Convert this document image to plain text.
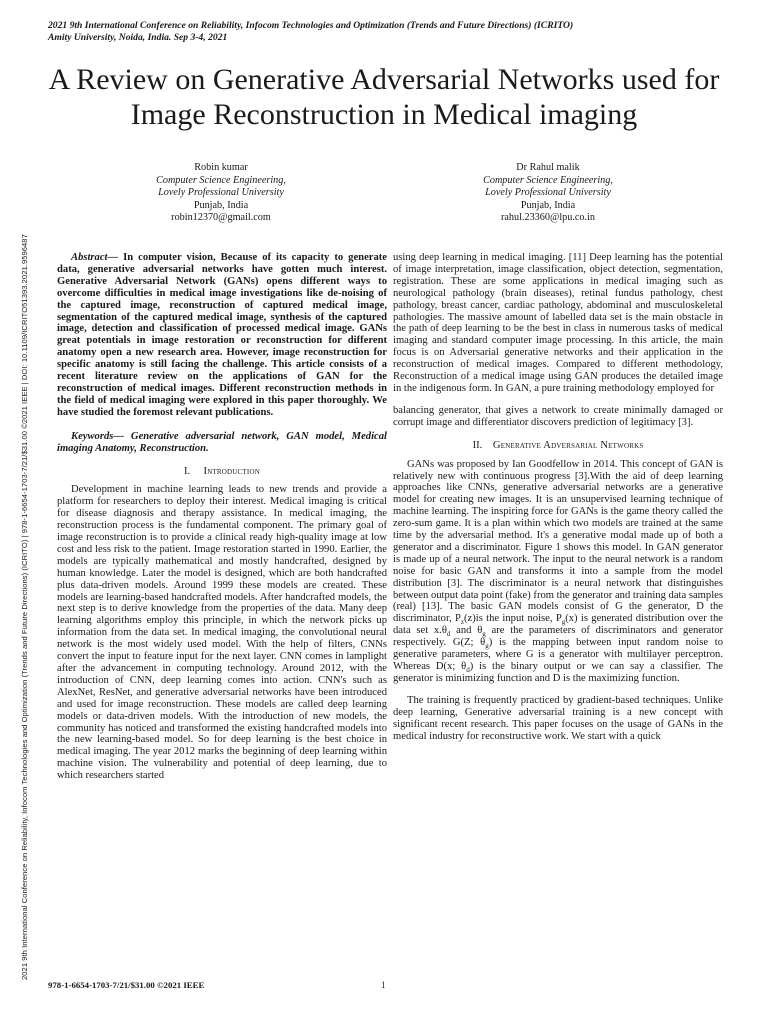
2021 9th International Conference on Reliability, Infocom Technologies and Optimization (Trends and Future Directions) (ICRITO)
Amity University, Noida, India. Sep 3-4, 2021
2021 9th International Conference on Reliability, Infocom Technologies and Optimization (Trends and Future Directions) (ICRITO) | 978-1-6654-1703-7/21/$31.00 ©2021 IEEE | DOI: 10.1109/ICRITO51393.2021.9596487
A Review on Generative Adversarial Networks used for Image Reconstruction in Medical imaging
Robin kumar
Computer Science Engineering,
Lovely Professional University
Punjab, India
robin12370@gmail.com
Dr Rahul malik
Computer Science Engineering,
Lovely Professional University
Punjab, India
rahul.23360@lpu.co.in

Abstract— In computer vision, Because of its capacity to generate data, generative adversarial networks have gotten much interest. Generative Adversarial Network (GANs) opens different ways to overcome difficulties in medical image investigations like de-noising of the captured image, reconstruction of captured medical image, segmentation of the captured medical image, synthesis of the captured image, detection and classification of processed medical image. GANs great potentials in image restoration or reconstruction for different anatomy open a new research area. However, image reconstruction for specific anatomy is still facing the challenge. This article consists of a recent literature review on the applications of GAN for the reconstruction of medical images. Different reconstruction methods in the field of medical imaging were explored in this paper thoroughly. We have studied the foremost relevant publications.

Keywords— Generative adversarial network, GAN model, Medical imaging Anatomy, Reconstruction.

I. Introduction

Development in machine learning leads to new trends and provide a platform for researchers to deploy their interest. Medical imaging is critical for disease diagnosis and therapy assistance. In medical imaging, the reconstruction process is the fundamental component. The primary goal of image reconstruction is to provide a clinical ready high-quality image at low cost and less risk to the patient. Image restoration started in 1990. Earlier, the models are typically mathematical and mostly handcrafted, designed by human knowledge. Later the model is designed, which are both handcrafted plus data-driven models. Around 1999 these models are created. These models are learning-based handcrafted models. After handcrafted models, the next step is to derive knowledge from the properties of the data. Many deep learning algorithms employ this principle, in which the network picks up information from the data set. In medical imaging, the convolutional neural network is the most widely used model. With the help of filters, CNNs convert the input to feature input for the next layer. CNN comes in lamplight after the advancement in computing technology. Around 2012, with the introduction of CNN, deep learning comes into action. CNN's such as AlexNet, ResNet, and generative adversarial networks have been introduced and used for image reconstruction. These models are called deep learning models or data-driven models. With the introduction of new models, the community has noticed and transformed the existing handcrafted models into the new learning-based model. So for deep learning is the best choice in medical imaging. The year 2012 marks the beginning of deep learning within machine vision. The vulnerability and potential of deep learning, due to which researchers started

using deep learning in medical imaging. [11] Deep learning has the potential of image interpretation, image classification, object detection, segmentation, registration. These are some applications in medical imaging such as neurological pathology (brain diseases), retinal fundus pathology, chest pathology, breast cancer, cardiac pathology, abdominal and musculoskeletal pathologies. The massive amount of labelled data set is the main obstacle in the path of deep learning to be the best in class in numerous tasks of medical imaging and standard computer image processing. In this article, the main focus is on Adversarial generative networks and their application in the reconstruction of medical images. Compared to different methodology, Reconstruction of a medical image using GAN produces the detailed image in the indigenous form. In GAN, a pure training methodology employed for

balancing generator, that gives a network to create minimally damaged or corrupt image and differentiator discovers prediction of legitimacy [3].

II. Generative Adversarial Networks

GANs was proposed by Ian Goodfellow in 2014. This concept of GAN is relatively new with continuous progress [3].With the aid of deep learning approaches like CNNs, generative adversarial networks are a generative model for creating new images. It is an unsupervised learning technique of machine learning. The inspiring force for GANs is the game theory called the zero-sum game. It is a plan within which two models are trained at the same time by the adversarial method. It's a generative modal made up of both a generator and a discriminator. Figure 1 shows this model. In GAN generator is made up of a neural network. The input to the neural network is a random noise for basic GAN and transforms it into a sample from the model distribution [3]. The discriminator is a neural network that distinguishes between output data point (fake) from the generator and training data samples (real) [13]. The basic GAN models consist of G the generator, D the discriminator, $P_z(z)is$ the input noise, $P_g(x)$ is generated distribution over the data set $x.\theta_d$ and $\theta_g$ are the parameters of discriminators and generator respectively. G(Z; $\theta_g$) is the mapping between input random noise to generative parameters, where G is a generator with multilayer perceptron. Whereas D(x; $\theta_d$) is the binary output or we can say a classifier. The generator is minimizing function and D is the maximizing function.

The training is frequently practiced by gradient-based techniques. Unlike deep learning, Generative adversarial training is a new concept with significant recent research. This paper focuses on the usage of GANs in the medical industry for reconstructive work. We start with a quick

978-1-6654-1703-7/21/$31.00 ©2021 IEEE	1
